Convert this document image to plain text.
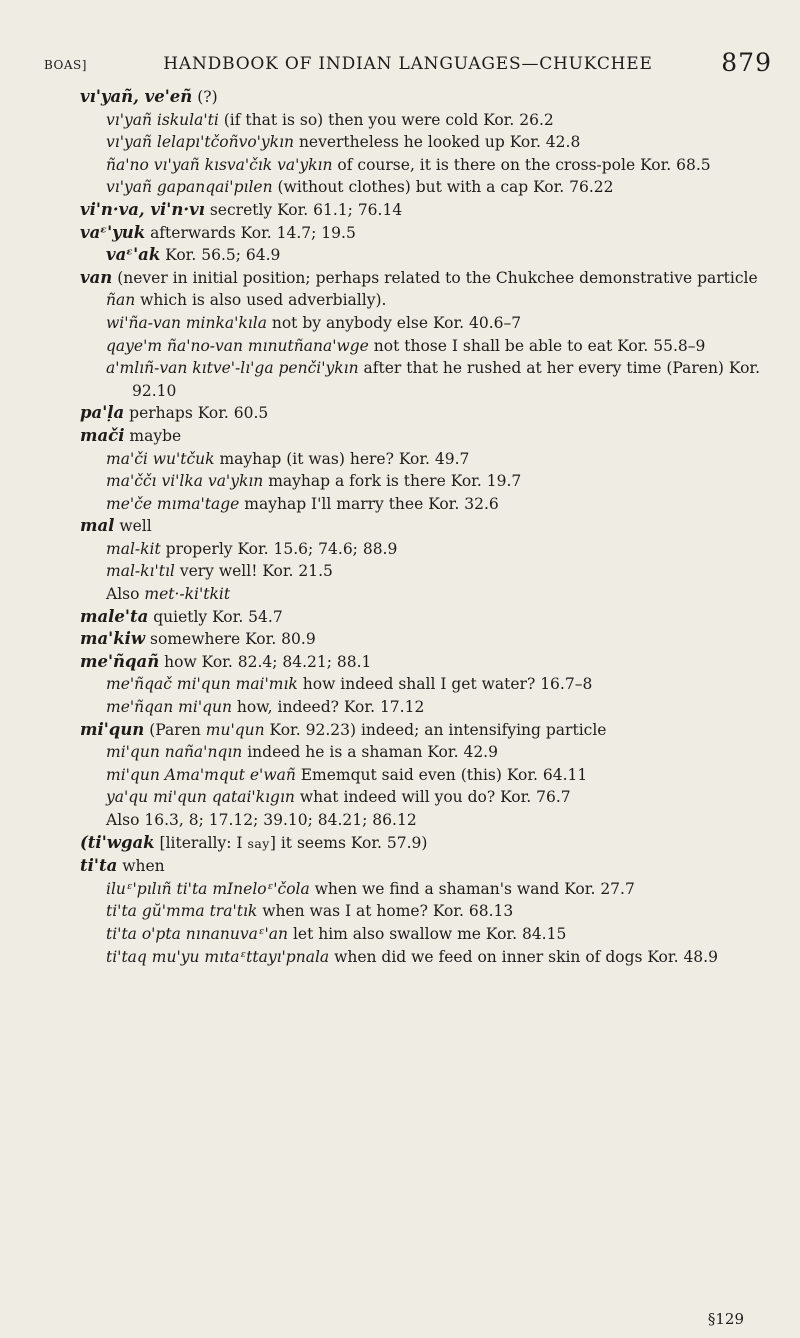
BOAS]	HANDBOOK OF INDIAN LANGUAGES—CHUKCHEE	879

vı'yañ, ve'eñ (?)

vı'yañ iskula'ti (if that is so) then you were cold Kor. 26.2

vı'yañ lelapı'tčoñvo'ykın nevertheless he looked up Kor. 42.8

ña'no vı'yañ kısva'čık va'ykın of course, it is there on the cross-pole Kor. 68.5

vı'yañ gapanqai'pılen (without clothes) but with a cap Kor. 76.22

vi'n·va, vi'n·vı secretly Kor. 61.1; 76.14

vaᵋ'yuk afterwards Kor. 14.7; 19.5

vaᵋ'ak Kor. 56.5; 64.9

van (never in initial position; perhaps related to the Chukchee demonstrative particle ñan which is also used adverbially).

wi'ña-van minka'kıla not by anybody else Kor. 40.6–7

qaye'm ña'no-van mınutñana'wge not those I shall be able to eat Kor. 55.8–9

a'mlıñ-van kıtve'-lı'ga penči'ykın after that he rushed at her every time (Paren) Kor. 92.10

pa'ḷa perhaps Kor. 60.5

mači maybe

ma'či wu'tčuk mayhap (it was) here? Kor. 49.7

ma'ččı vi'lka va'ykın mayhap a fork is there Kor. 19.7

me'če mıma'tage mayhap I'll marry thee Kor. 32.6

mal well

mal-kit properly Kor. 15.6; 74.6; 88.9

mal-kı'tıl very well! Kor. 21.5

Also met·-ki'tkit

male'ta quietly Kor. 54.7

ma'kiw somewhere Kor. 80.9

me'ñqañ how Kor. 82.4; 84.21; 88.1

me'ñqač mi'qun mai'mık how indeed shall I get water? 16.7–8

me'ñqan mi'qun how, indeed? Kor. 17.12

mi'qun (Paren mu'qun Kor. 92.23) indeed; an intensifying particle

mi'qun naña'nqın indeed he is a shaman Kor. 42.9

mi'qun Ama'mqut e'wañ Ememqut said even (this) Kor. 64.11

ya'qu mi'qun qatai'kıgın what indeed will you do? Kor. 76.7

Also 16.3, 8; 17.12; 39.10; 84.21; 86.12

(ti'wgak [literally: I say] it seems Kor. 57.9)

ti'ta when

iluᵋ'pılıñ ti'ta mIneloᵋ'čola when we find a shaman's wand Kor. 27.7

ti'ta gŭ'mma tra'tık when was I at home? Kor. 68.13

ti'ta o'pta nınanuvaᵋ'an let him also swallow me Kor. 84.15

ti'taq mu'yu mıtaᵋttayı'pnala when did we feed on inner skin of dogs Kor. 48.9

§129
